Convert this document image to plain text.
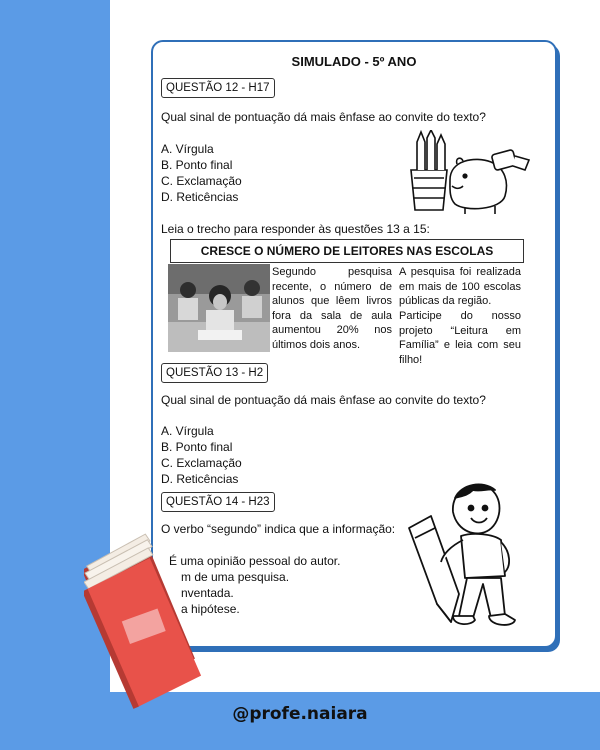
@profe.naiara
SIMULADO - 5º ANO
QUESTÃO 12 - H17
Qual sinal de pontuação dá mais ênfase ao convite do texto?
A. Vírgula
B. Ponto final
C. Exclamação
D. Reticências
Leia o trecho para responder às questões 13 a 15:
CRESCE O NÚMERO DE LEITORES NAS ESCOLAS
Segundo pesquisa recente, o número de alunos que lêem livros fora da sala de aula aumentou 20% nos últimos dois anos.
A pesquisa foi realizada em mais de 100 escolas públicas da região.
Participe do nosso projeto “Leitura em Família” e leia com seu filho!
QUESTÃO 13 - H2
Qual sinal de pontuação dá mais ênfase ao convite do texto?
A. Vírgula
B. Ponto final
C. Exclamação
D. Reticências
QUESTÃO 14 - H23
O verbo “segundo” indica que a informação:
É uma opinião pessoal do autor.
m de uma pesquisa.
nventada.
a hipótese.
